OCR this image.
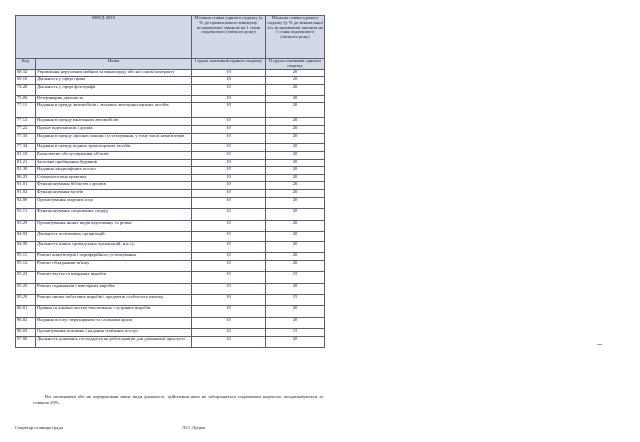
КВЕД-2010		Місячна ставка єдиного податку (у % до прожиткового мінімуму, встановленої законом на 1 січня податкового (звітного року)	Місячна ставка єдиного податку (у % до мінімальної з/п, встановленої законом на 1 січня податкового (звітного року)
Код	Назва	I група платників єдиного податку	II група платників єдиного податку
68.32	Управління нерухомим майном за винагороду або на основі контракту	10	20
69.10	Діяльність у сфері права	10	20
74.20	Діяльність у сфері фотографії	10	20
75.00	Ветеринарна діяльність	10	20
77.11	Надання в оренду автомобілів і легкових автотранспортних засобів	10	20
77.12	Надання в оренду вантажних автомобілів	10	20
77.22	Прокат відеозаписів і дисків	10	20
77.33	Надання в оренду офісних машин і устаткування, у тому числі комп'ютерів	10	20
77.34	Надання в оренду водних транспортних засобів	10	20
81.10	Комплексне обслуговування об'єктів	10	20
81.21	Загальне прибирання будинків	10	20
81.30	Надання ландшафтних послуг	10	20
86.23	Стоматологічна практика	10	20
91.01	Функціонування бібліотек і архівів	10	20
91.02	Функціонування музеїв	10	20
92.00	Організування азартних ігор	10	20
93.11	Функціонування спортивних споруд	10	20
93.29	Організування інших видів відпочинку та розваг	10	20
94.92	Діяльність політичних організацій	10	20
94.99	Діяльність інших громадських організацій, н.в.і.у.	10	20
95.11	Ремонт комп'ютерів і периферійного устаткування	10	20
95.12	Ремонт обладнання зв'язку	10	20
95.23	Ремонт взуття та шкіряних виробів	10	15
95.25	Ремонт годинників і ювелірних виробів	10	20
95.29	Ремонт інших побутових виробів і предметів особистого вжитку	10	15
96.01	Прання та хімічна чистка текстильних і хутряних виробів	10	20
96.02	Надання послуг перукарнями та салонами краси	10	20
96.03	Організування поховань і надання суміжних послуг	10	15
97.00	Діяльність домашніх господарств як роботодавців для домашньої прислуги	10	20
Всі незазначені або не перераховані вище види діяльності, здійснення яких не забороняється податковим кодексом, оподатковуються за ставкою 20%.
Секретар селищної ради	Л.О. Луцюк
